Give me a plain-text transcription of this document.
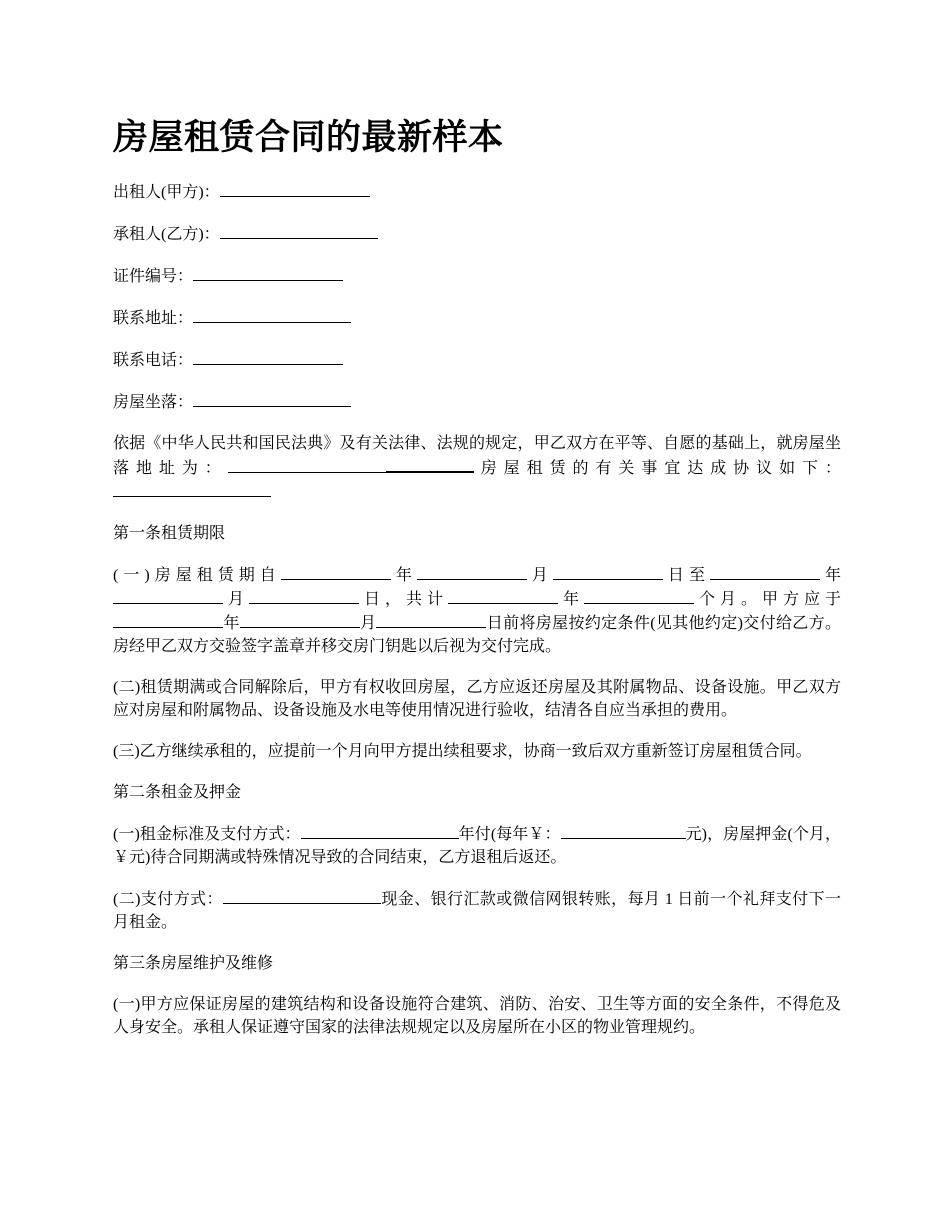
房屋租赁合同的最新样本
出租人(甲方)：
承租人(乙方)：
证件编号：
联系地址：
联系电话：
房屋坐落：

依据《中华人民共和国民法典》及有关法律、法规的规定，甲乙双方在平等、自愿的基础上，就房屋坐落地址为：	房屋租赁的有关事宜达成协议如下：

第一条租赁期限

(一)房屋租赁期自	年	月	日至	年月	日，共计	年	个月。甲方应于年	月	日前将房屋按约定条件(见其他约定)交付给乙方。房经甲乙双方交验签字盖章并移交房门钥匙以后视为交付完成。

(二)租赁期满或合同解除后，甲方有权收回房屋，乙方应返还房屋及其附属物品、设备设施。甲乙双方应对房屋和附属物品、设备设施及水电等使用情况进行验收，结清各自应当承担的费用。

(三)乙方继续承租的，应提前一个月向甲方提出续租要求，协商一致后双方重新签订房屋租赁合同。

第二条租金及押金

(一)租金标准及支付方式：	年付(每年￥：	元)，房屋押金(个月，￥元)待合同期满或特殊情况导致的合同结束，乙方退租后返还。

(二)支付方式：	现金、银行汇款或微信网银转账，每月 1 日前一个礼拜支付下一月租金。

第三条房屋维护及维修

(一)甲方应保证房屋的建筑结构和设备设施符合建筑、消防、治安、卫生等方面的安全条件，不得危及人身安全。承租人保证遵守国家的法律法规规定以及房屋所在小区的物业管理规约。
